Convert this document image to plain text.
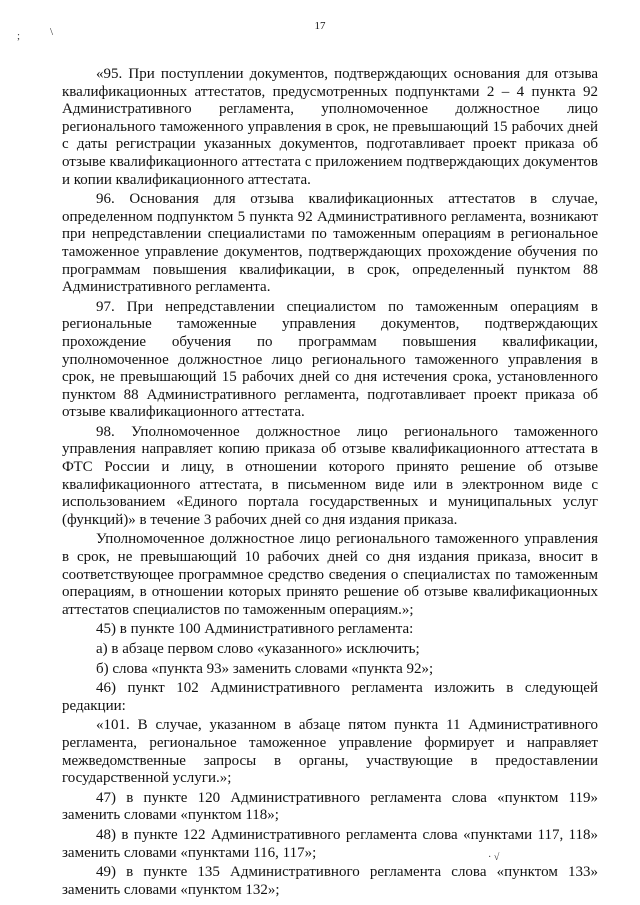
17
;	\
· √

«95. При поступлении документов, подтверждающих основания для отзыва квалификационных аттестатов, предусмотренных подпунктами 2 – 4 пункта 92 Административного регламента, уполномоченное должностное лицо регионального таможенного управления в срок, не превышающий 15 рабочих дней с даты регистрации указанных документов, подготавливает проект приказа об отзыве квалификационного аттестата с приложением подтверждающих документов и копии квалификационного аттестата.

96. Основания для отзыва квалификационных аттестатов в случае, определенном подпунктом 5 пункта 92 Административного регламента, возникают при непредставлении специалистами по таможенным операциям в региональное таможенное управление документов, подтверждающих прохождение обучения по программам повышения квалификации, в срок, определенный пунктом 88 Административного регламента.

97. При непредставлении специалистом по таможенным операциям в региональные таможенные управления документов, подтверждающих прохождение обучения по программам повышения квалификации, уполномоченное должностное лицо регионального таможенного управления в срок, не превышающий 15 рабочих дней со дня истечения срока, установленного пунктом 88 Административного регламента, подготавливает проект приказа об отзыве квалификационного аттестата.

98. Уполномоченное должностное лицо регионального таможенного управления направляет копию приказа об отзыве квалификационного аттестата в ФТС России и лицу, в отношении которого принято решение об отзыве квалификационного аттестата, в письменном виде или в электронном виде с использованием «Единого портала государственных и муниципальных услуг (функций)» в течение 3 рабочих дней со дня издания приказа.

Уполномоченное должностное лицо регионального таможенного управления в срок, не превышающий 10 рабочих дней со дня издания приказа, вносит в соответствующее программное средство сведения о специалистах по таможенным операциям, в отношении которых принято решение об отзыве квалификационных аттестатов специалистов по таможенным операциям.»;

45) в пункте 100 Административного регламента:

а) в абзаце первом слово «указанного» исключить;

б) слова «пункта 93» заменить словами «пункта 92»;

46) пункт 102 Административного регламента изложить в следующей редакции:

«101. В случае, указанном в абзаце пятом пункта 11 Административного регламента, региональное таможенное управление формирует и направляет межведомственные запросы в органы, участвующие в предоставлении государственной услуги.»;

47) в пункте 120 Административного регламента слова «пунктом 119» заменить словами «пунктом 118»;

48) в пункте 122 Административного регламента слова «пунктами 117, 118» заменить словами «пунктами 116, 117»;

49) в пункте 135 Административного регламента слова «пунктом 133» заменить словами «пунктом 132»;
